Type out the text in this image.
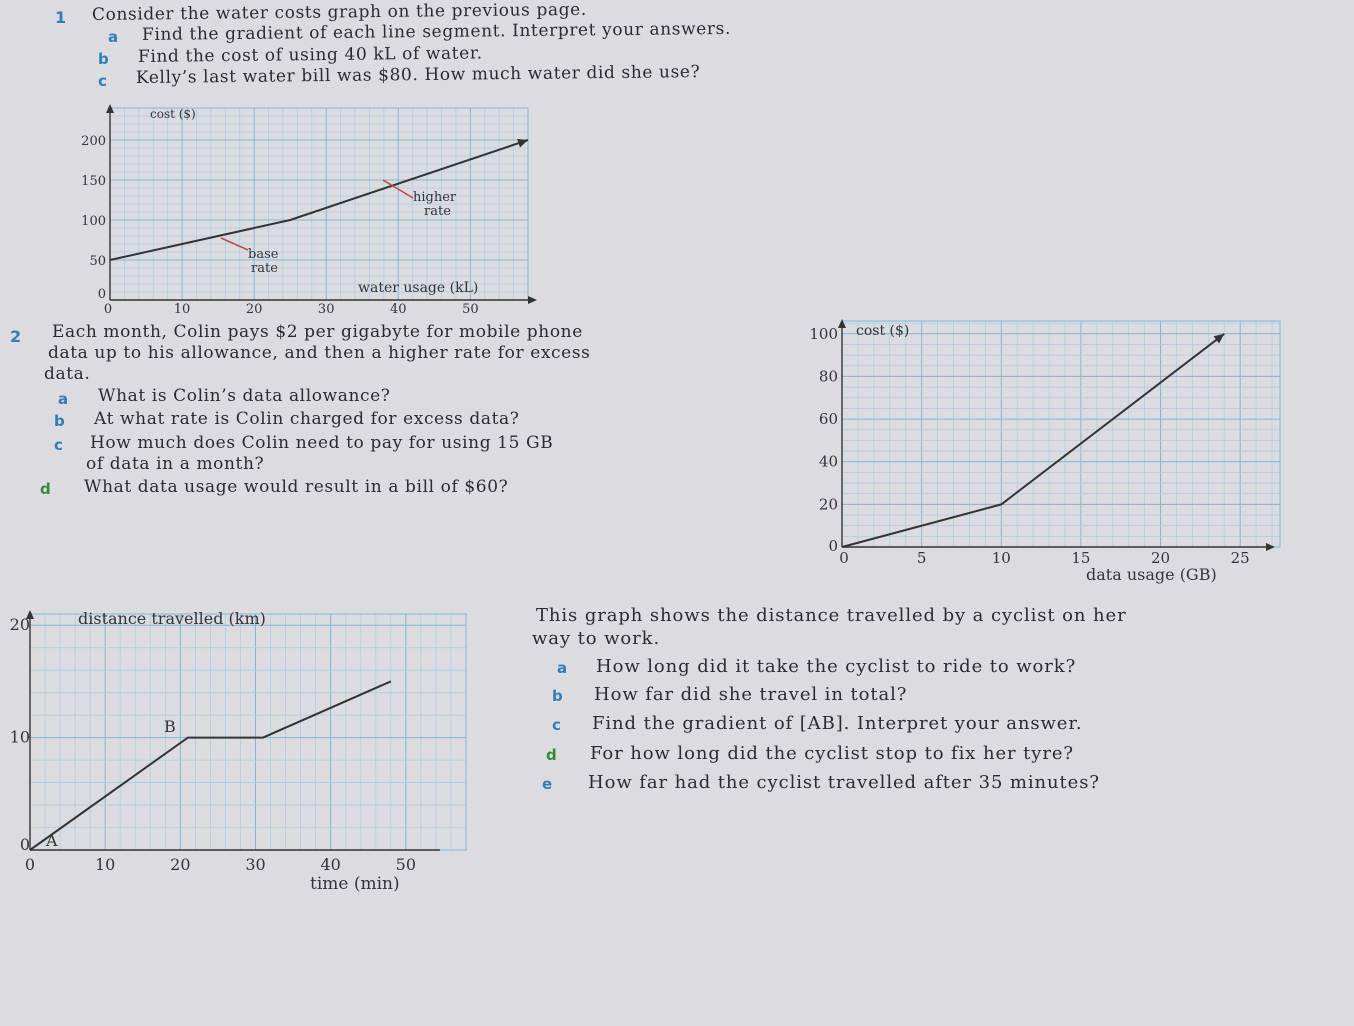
1 Consider the water costs graph on the previous page.
a Find the gradient of each line segment. Interpret your answers.
b Find the cost of using 40 kL of water.
c Kelly’s last water bill was $80. How much water did she use?
cost ($)
water usage (kL)
0	10	20	30	40	50
0
50
100
150
200
base
rate
higher
rate
2 Each month, Colin pays $2 per gigabyte for mobile phone
data up to his allowance, and then a higher rate for excess
data.
a What is Colin’s data allowance?
b At what rate is Colin charged for excess data?
c How much does Colin need to pay for using 15 GB
of data in a month?
d What data usage would result in a bill of $60?
cost ($)
data usage (GB)
0	5	10	15	20	25
0
20
40
60
80
100
distance travelled (km)
time (min)
0	10	20	30	40	50
0
10
20
A
B
This graph shows the distance travelled by a cyclist on her
way to work.
a How long did it take the cyclist to ride to work?
b How far did she travel in total?
c Find the gradient of [AB]. Interpret your answer.
d For how long did the cyclist stop to fix her tyre?
e How far had the cyclist travelled after 35 minutes?
